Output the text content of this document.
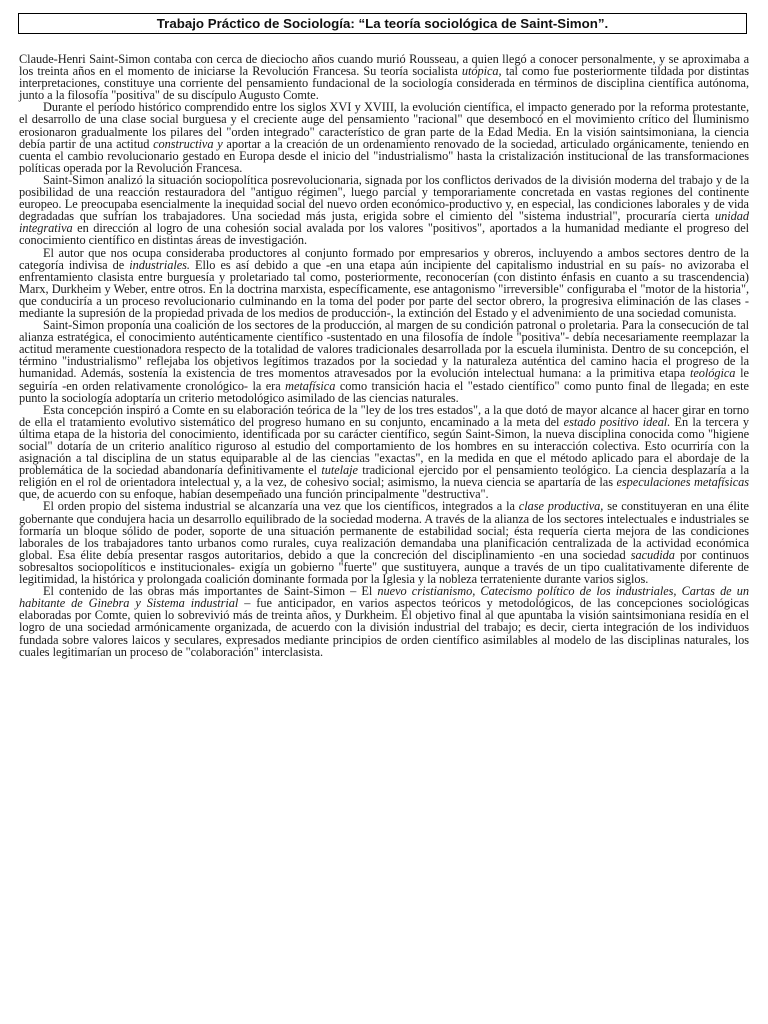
Trabajo Práctico de Sociología: “La teoría sociológica de Saint-Simon”.

Claude-Henri Saint-Simon contaba con cerca de dieciocho años cuando murió Rousseau, a quien llegó a conocer personalmente, y se aproximaba a los treinta años en el momento de iniciarse la Revolución Francesa. Su teoría socialista utópica, tal como fue posteriormente tildada por distintas interpretaciones, constituye una corriente del pensamiento fundacional de la sociología considerada en términos de disciplina científica autónoma, junto a la filosofía "positiva" de su discípulo Augusto Comte.

Durante el período histórico comprendido entre los siglos XVI y XVIII, la evolución científica, el impacto generado por la reforma protestante, el desarrollo de una clase social burguesa y el creciente auge del pensamiento "racional" que desembocó en el movimiento crítico del Iluminismo erosionaron gradualmente los pilares del "orden integrado" característico de gran parte de la Edad Media. En la visión saintsimoniana, la ciencia debía partir de una actitud constructiva y aportar a la creación de un ordenamiento renovado de la sociedad, articulado orgánicamente, teniendo en cuenta el cambio revolucionario gestado en Europa desde el inicio del "industrialismo" hasta la cristalización institucional de las transformaciones políticas operada por la Revolución Francesa.

Saint-Simon analizó la situación sociopolítica posrevolucionaria, signada por los conflictos derivados de la división moderna del trabajo y de la posibilidad de una reacción restauradora del "antiguo régimen", luego parcial y temporariamente concretada en vastas regiones del continente europeo. Le preocupaba esencialmente la inequidad social del nuevo orden económico-productivo y, en especial, las condiciones laborales y de vida degradadas que sufrían los trabajadores. Una sociedad más justa, erigida sobre el cimiento del "sistema industrial", procuraría cierta unidad integrativa en dirección al logro de una cohesión social avalada por los valores "positivos", aportados a la humanidad mediante el progreso del conocimiento científico en distintas áreas de investigación.

El autor que nos ocupa consideraba productores al conjunto formado por empresarios y obreros, incluyendo a ambos sectores dentro de la categoría indivisa de industriales. Ello es así debido a que -en una etapa aún incipiente del capitalismo industrial en su país- no avizoraba el enfrentamiento clasista entre burguesía y proletariado tal como, posteriormente, reconocerían (con distinto énfasis en cuanto a su trascendencia) Marx, Durkheim y Weber, entre otros. En la doctrina marxista, específicamente, ese antagonismo "irreversible" configuraba el "motor de la historia", que conduciría a un proceso revolucionario culminando en la toma del poder por parte del sector obrero, la progresiva eliminación de las clases -mediante la supresión de la propiedad privada de los medios de producción-, la extinción del Estado y el advenimiento de una sociedad comunista.

Saint-Simon proponía una coalición de los sectores de la producción, al margen de su condición patronal o proletaria. Para la consecución de tal alianza estratégica, el conocimiento auténticamente científico -sustentado en una filosofía de índole "positiva"- debía necesariamente reemplazar la actitud meramente cuestionadora respecto de la totalidad de valores tradicionales desarrollada por la escuela iluminista. Dentro de su concepción, el término "industrialismo" reflejaba los objetivos legítimos trazados por la sociedad y la naturaleza auténtica del camino hacia el progreso de la humanidad. Además, sostenía la existencia de tres momentos atravesados por la evolución intelectual humana: a la primitiva etapa teológica le seguiría -en orden relativamente cronológico- la era metafísica como transición hacia el "estado científico" como punto final de llegada; en este punto la sociología adoptaría un criterio metodológico asimilado de las ciencias naturales.

Esta concepción inspiró a Comte en su elaboración teórica de la "ley de los tres estados", a la que dotó de mayor alcance al hacer girar en torno de ella el tratamiento evolutivo sistemático del progreso humano en su conjunto, encaminado a la meta del estado positivo ideal. En la tercera y última etapa de la historia del conocimiento, identificada por su carácter científico, según Saint-Simon, la nueva disciplina conocida como "higiene social" dotaría de un criterio analítico riguroso al estudio del comportamiento de los hombres en su interacción colectiva. Esto ocurriría con la asignación a tal disciplina de un status equiparable al de las ciencias "exactas", en la medida en que el método aplicado para el abordaje de la problemática de la sociedad abandonaría definitivamente el tutelaje tradicional ejercido por el pensamiento teológico. La ciencia desplazaría a la religión en el rol de orientadora intelectual y, a la vez, de cohesivo social; asimismo, la nueva ciencia se apartaría de las especulaciones metafísicas que, de acuerdo con su enfoque, habían desempeñado una función principalmente "destructiva".

El orden propio del sistema industrial se alcanzaría una vez que los científicos, integrados a la clase productiva, se constituyeran en una élite gobernante que condujera hacia un desarrollo equilibrado de la sociedad moderna. A través de la alianza de los sectores intelectuales e industriales se formaría un bloque sólido de poder, soporte de una situación permanente de estabilidad social; ésta requería cierta mejora de las condiciones laborales de los trabajadores tanto urbanos como rurales, cuya realización demandaba una planificación centralizada de la actividad económica global. Esa élite debía presentar rasgos autoritarios, debido a que la concreción del disciplinamiento -en una sociedad sacudida por continuos sobresaltos sociopolíticos e institucionales- exigía un gobierno "fuerte" que sustituyera, aunque a través de un tipo cualitativamente diferente de legitimidad, la histórica y prolongada coalición dominante formada por la Iglesia y la nobleza terrateniente durante varios siglos.

El contenido de las obras más importantes de Saint-Simon – El nuevo cristianismo, Catecismo político de los industriales, Cartas de un habitante de Ginebra y Sistema industrial – fue anticipador, en varios aspectos teóricos y metodológicos, de las concepciones sociológicas elaboradas por Comte, quien lo sobrevivió más de treinta años, y Durkheim. El objetivo final al que apuntaba la visión saintsimoniana residía en el logro de una sociedad armónicamente organizada, de acuerdo con la división industrial del trabajo; es decir, cierta integración de los individuos fundada sobre valores laicos y seculares, expresados mediante principios de orden científico asimilables al modelo de las disciplinas naturales, los cuales legitimarían un proceso de "colaboración" interclasista.
